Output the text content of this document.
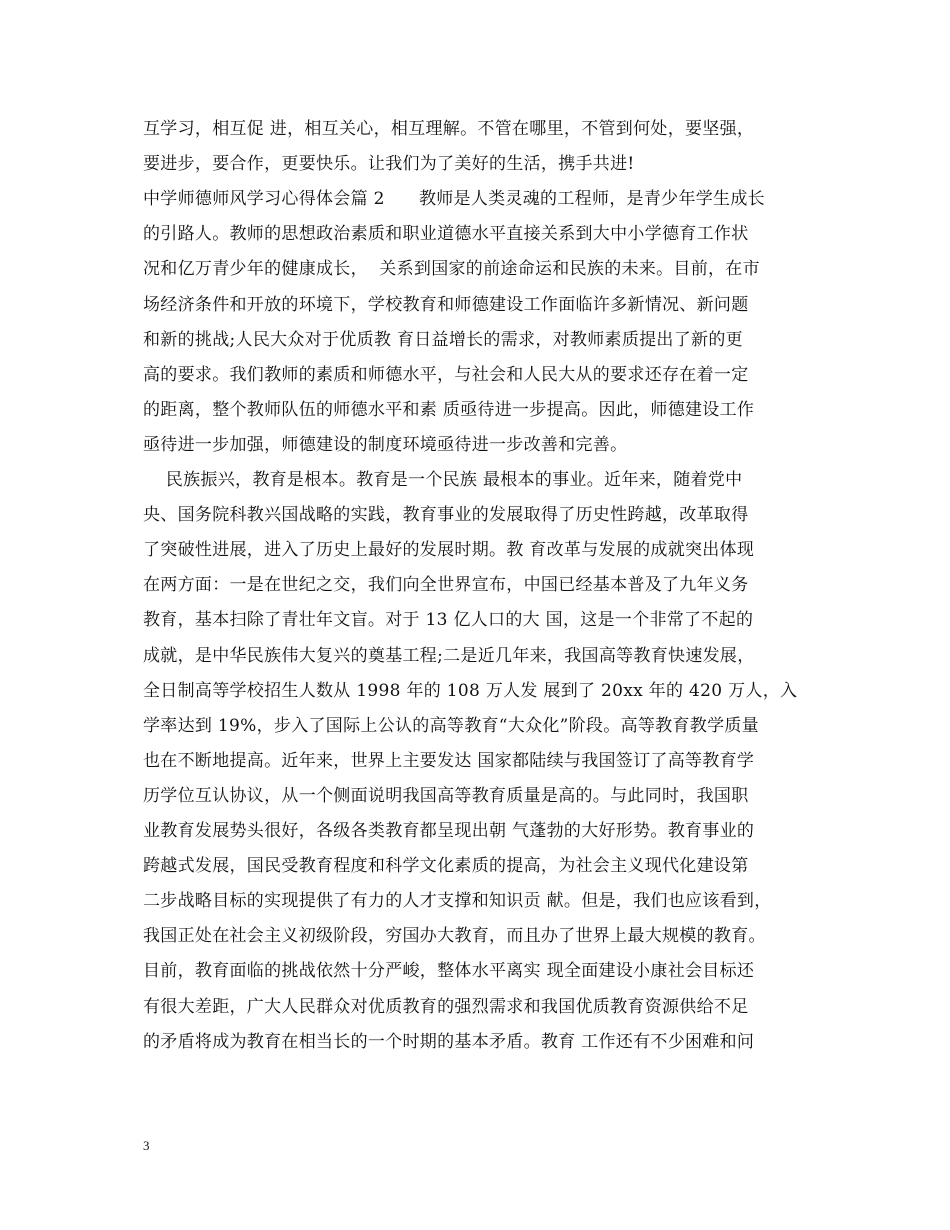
互学习，相互促 进，相互关心，相互理解。不管在哪里，不管到何处，要坚强，
要进步，要合作，更要快乐。让我们为了美好的生活，携手共进!
中学师德师风学习心得体会篇 2      教师是人类灵魂的工程师，是青少年学生成长
的引路人。教师的思想政治素质和职业道德水平直接关系到大中小学德育工作状
况和亿万青少年的健康成长，  关系到国家的前途命运和民族的未来。目前，在市
场经济条件和开放的环境下，学校教育和师德建设工作面临许多新情况、新问题
和新的挑战;人民大众对于优质教 育日益增长的需求，对教师素质提出了新的更
高的要求。我们教师的素质和师德水平，与社会和人民大从的要求还存在着一定
的距离，整个教师队伍的师德水平和素 质亟待进一步提高。因此，师德建设工作
亟待进一步加强，师德建设的制度环境亟待进一步改善和完善。
民族振兴，教育是根本。教育是一个民族 最根本的事业。近年来，随着党中
央、国务院科教兴国战略的实践，教育事业的发展取得了历史性跨越，改革取得
了突破性进展，进入了历史上最好的发展时期。教 育改革与发展的成就突出体现
在两方面：一是在世纪之交，我们向全世界宣布，中国已经基本普及了九年义务
教育，基本扫除了青壮年文盲。对于 13 亿人口的大 国，这是一个非常了不起的
成就，是中华民族伟大复兴的奠基工程;二是近几年来，我国高等教育快速发展，
全日制高等学校招生人数从 1998 年的 108 万人发 展到了 20xx 年的 420 万人，入
学率达到 19%，步入了国际上公认的高等教育“大众化”阶段。高等教育教学质量
也在不断地提高。近年来，世界上主要发达 国家都陆续与我国签订了高等教育学
历学位互认协议，从一个侧面说明我国高等教育质量是高的。与此同时，我国职
业教育发展势头很好，各级各类教育都呈现出朝 气蓬勃的大好形势。教育事业的
跨越式发展，国民受教育程度和科学文化素质的提高，为社会主义现代化建设第
二步战略目标的实现提供了有力的人才支撑和知识贡 献。但是，我们也应该看到，
我国正处在社会主义初级阶段，穷国办大教育，而且办了世界上最大规模的教育。
目前，教育面临的挑战依然十分严峻，整体水平离实 现全面建设小康社会目标还
有很大差距，广大人民群众对优质教育的强烈需求和我国优质教育资源供给不足
的矛盾将成为教育在相当长的一个时期的基本矛盾。教育 工作还有不少困难和问
3
